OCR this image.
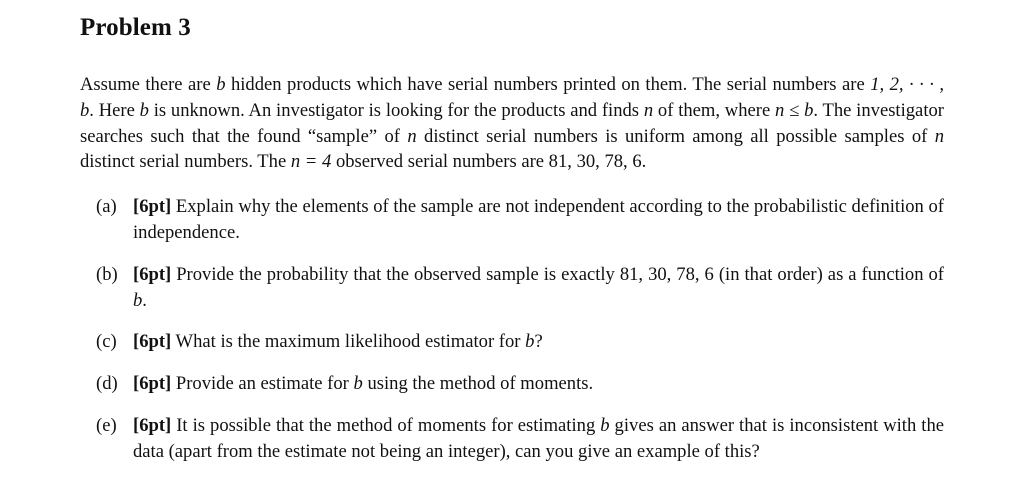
Problem 3

Assume there are b hidden products which have serial numbers printed on them. The serial numbers are 1, 2, · · · , b. Here b is unknown. An investigator is looking for the products and finds n of them, where n ≤ b. The investigator searches such that the found “sample” of n distinct serial numbers is uniform among all possible samples of n distinct serial numbers. The n = 4 observed serial numbers are 81, 30, 78, 6.

(a) [6pt] Explain why the elements of the sample are not independent according to the probabilistic definition of independence.
(b) [6pt] Provide the probability that the observed sample is exactly 81, 30, 78, 6 (in that order) as a function of b.
(c) [6pt] What is the maximum likelihood estimator for b?
(d) [6pt] Provide an estimate for b using the method of moments.
(e) [6pt] It is possible that the method of moments for estimating b gives an answer that is inconsistent with the data (apart from the estimate not being an integer), can you give an example of this?
